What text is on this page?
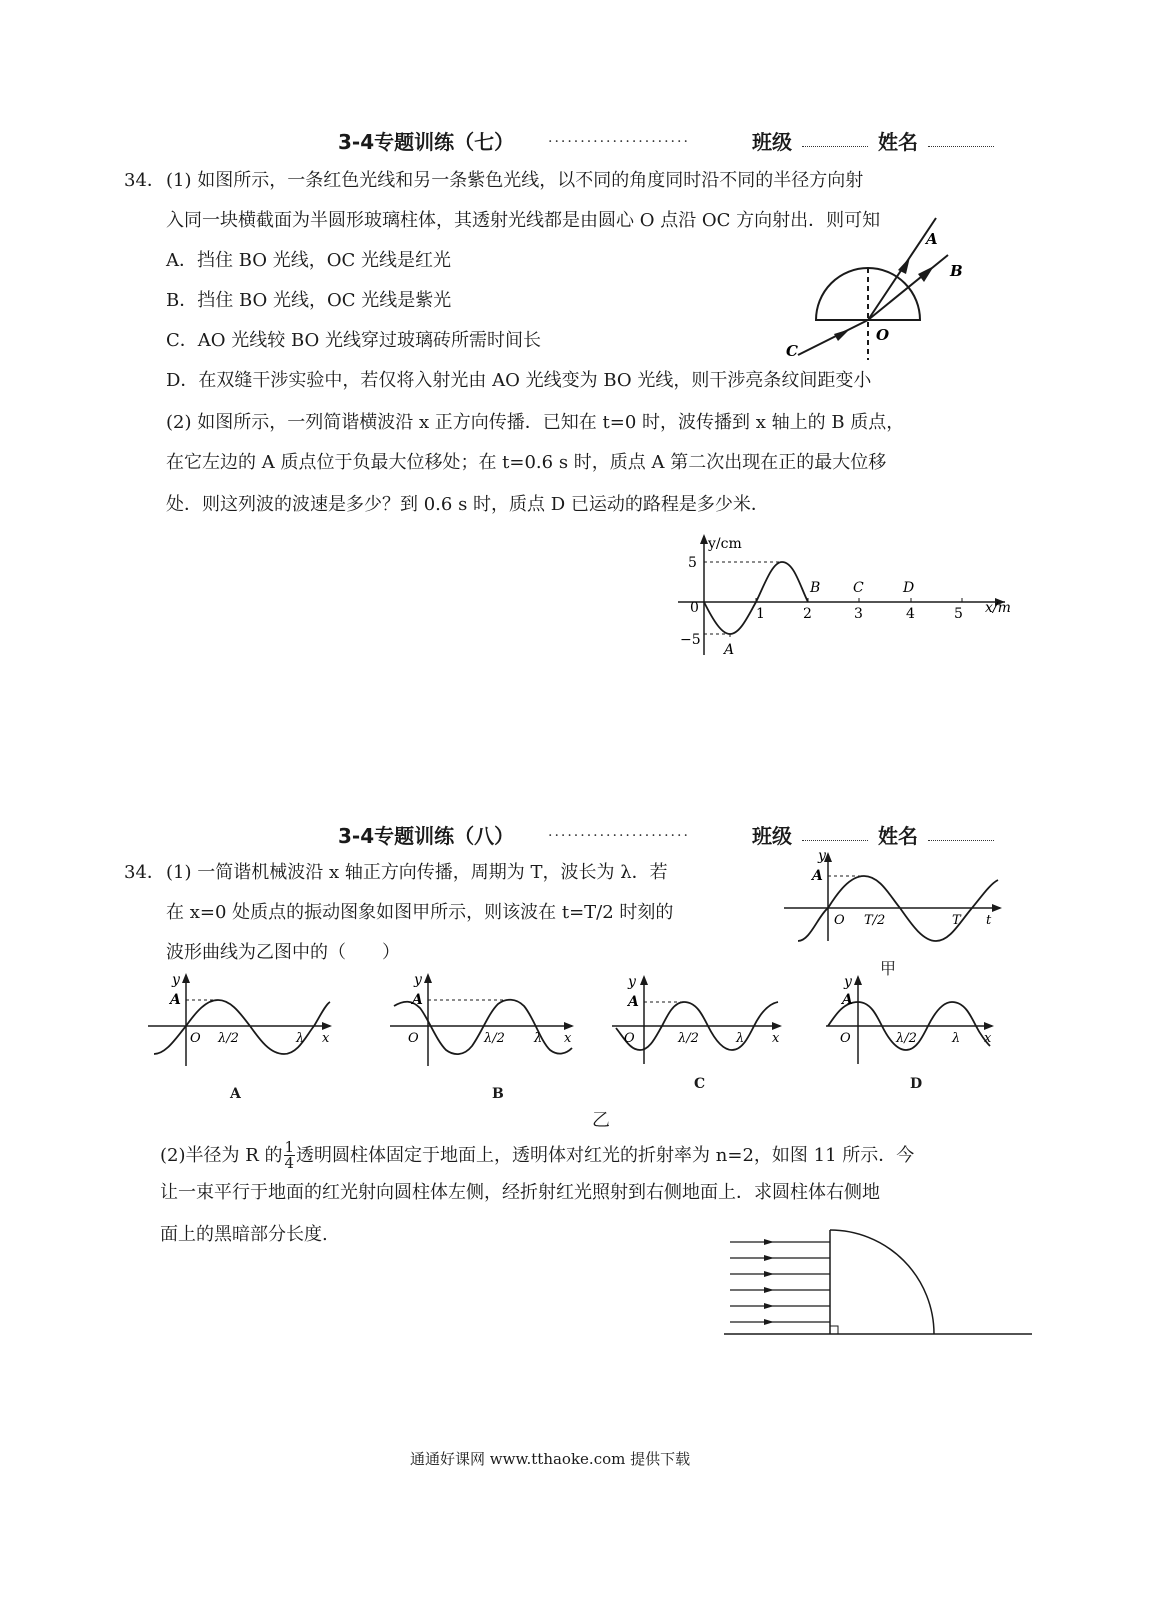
3-4专题训练（七） ......................	班级	姓名
34． (1) 如图所示，一条红色光线和另一条紫色光线，以不同的角度同时沿不同的半径方向射
入同一块横截面为半圆形玻璃柱体，其透射光线都是由圆心 O 点沿 OC 方向射出．则可知
A．挡住 BO 光线，OC 光线是红光
B．挡住 BO 光线，OC 光线是紫光
C．AO 光线较 BO 光线穿过玻璃砖所需时间长
D．在双缝干涉实验中，若仅将入射光由 AO 光线变为 BO 光线，则干涉亮条纹间距变小
(2) 如图所示，一列简谐横波沿 x 正方向传播．已知在 t=0 时，波传播到 x 轴上的 B 质点，
在它左边的 A 质点位于负最大位移处；在 t=0.6 s 时，质点 A 第二次出现在正的最大位移
处．则这列波的波速是多少？到 0.6 s 时，质点 D 已运动的路程是多少米．
A
B
C
O
y/cm
x/m
5
−5
0	1	2	3	4	5
A
B C	D
3-4专题训练（八） ......................	班级	姓名
34． (1) 一简谐机械波沿 x 轴正方向传播，周期为 T，波长为 λ．若
在 x=0 处质点的振动图象如图甲所示，则该波在 t=T/2 时刻的
波形曲线为乙图中的（　　）
y
A
O T/2	T t
甲
y
A
O λ/2	λ x
A
y
A
O	λ/2 λ x
B
y
A
O	λ/2	λ x
C
y
A
O	λ/2	λ x
D
乙
(2)半径为 R 的 $\frac{1}{4}$ 透明圆柱体固定于地面上，透明体对红光的折射率为 n=2，如图 11 所示．今
让一束平行于地面的红光射向圆柱体左侧，经折射红光照射到右侧地面上．求圆柱体右侧地
面上的黑暗部分长度.
通通好课网 www.tthaoke.com 提供下载
